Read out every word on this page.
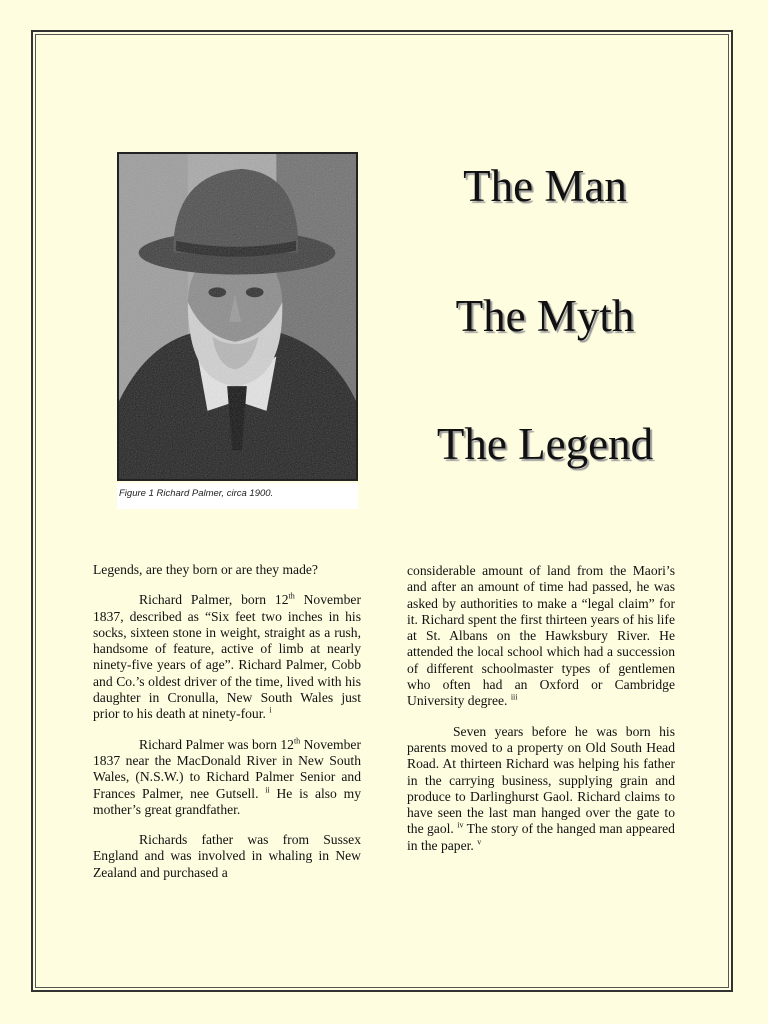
Figure 1 Richard Palmer, circa 1900.
The Man
The Myth
The Legend

Legends, are they born or are they made?

Richard Palmer, born 12th November 1837, described as “Six feet two inches in his socks, sixteen stone in weight, straight as a rush, handsome of feature, active of limb at nearly ninety-five years of age”. Richard Palmer, Cobb and Co.’s oldest driver of the time, lived with his daughter in Cronulla, New South Wales just prior to his death at ninety-four. $^i$

Richard Palmer was born 12th November 1837 near the MacDonald River in New South Wales, (N.S.W.) to Richard Palmer Senior and Frances Palmer, nee Gutsell. $^{ii}$ He is also my mother’s great grandfather.

Richards father was from Sussex England and was involved in whaling in New Zealand and purchased a

considerable amount of land from the Maori’s and after an amount of time had passed, he was asked by authorities to make a “legal claim” for it. Richard spent the first thirteen years of his life at St. Albans on the Hawksbury River. He attended the local school which had a succession of different schoolmaster types of gentlemen who often had an Oxford or Cambridge University degree. $^{iii}$

Seven years before he was born his parents moved to a property on Old South Head Road. At thirteen Richard was helping his father in the carrying business, supplying grain and produce to Darlinghurst Gaol. Richard claims to have seen the last man hanged over the gate to the gaol. $^{iv}$ The story of the hanged man appeared in the paper. $^v$
